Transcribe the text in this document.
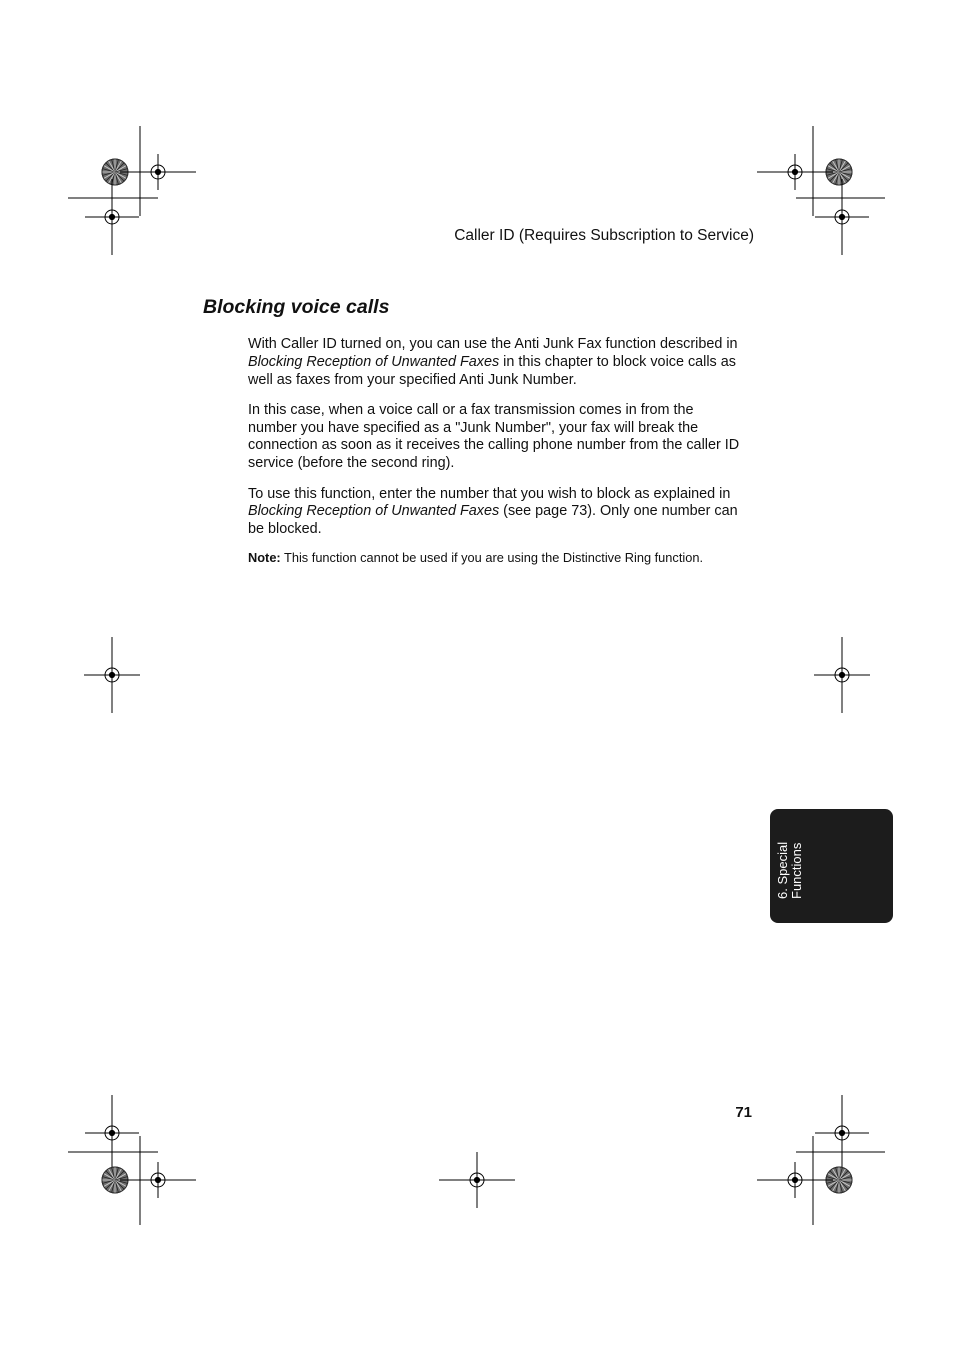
Caller ID (Requires Subscription to Service)
Blocking voice calls

With Caller ID turned on, you can use the Anti Junk Fax function described in Blocking Reception of Unwanted Faxes in this chapter to block voice calls as well as faxes from your specified Anti Junk Number.

In this case, when a voice call or a fax transmission comes in from the number you have specified as a "Junk Number", your fax will break the connection as soon as it receives the calling phone number from the caller ID service (before the second ring).

To use this function, enter the number that you wish to block as explained in Blocking Reception of Unwanted Faxes (see page 73). Only one number can be blocked.

Note: This function cannot be used if you are using the Distinctive Ring function.

6. Special
Functions
71
